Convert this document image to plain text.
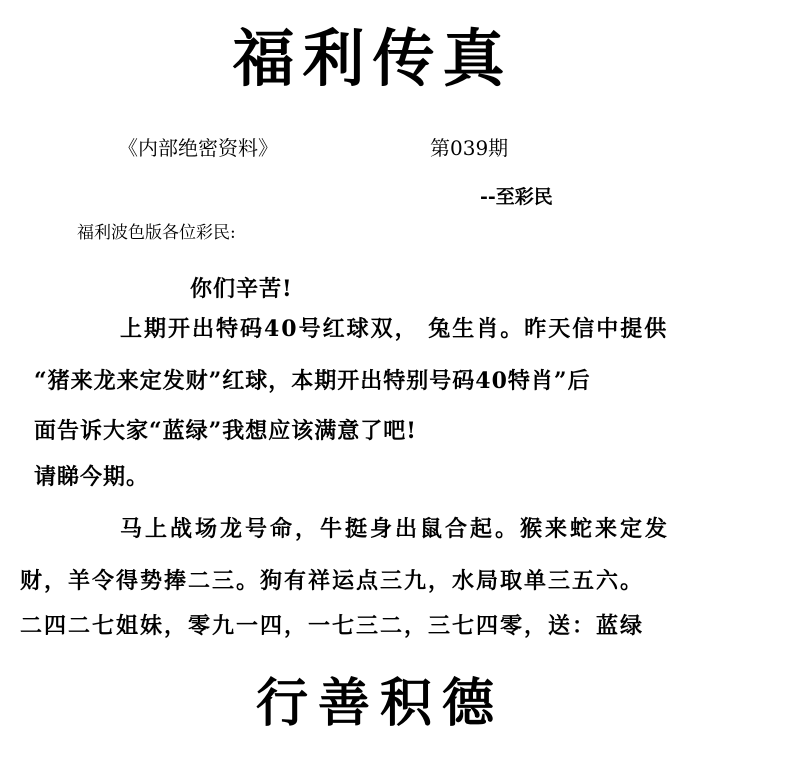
福利传真
《内部绝密资料》	第039期
--至彩民
福利波色版各位彩民:
你们辛苦!
上期开出特码40号红球双， 兔生肖。昨天信中提供
“猪来龙来定发财”红球，本期开出特别号码40特肖”后
面告诉大家“蓝绿”我想应该满意了吧!
请睇今期。
马上战场龙号命，牛挺身出鼠合起。猴来蛇来定发
财，羊令得势捧二三。狗有祥运点三九，水局取单三五六。
二四二七姐妹，零九一四，一七三二，三七四零，送：蓝绿
行善积德
